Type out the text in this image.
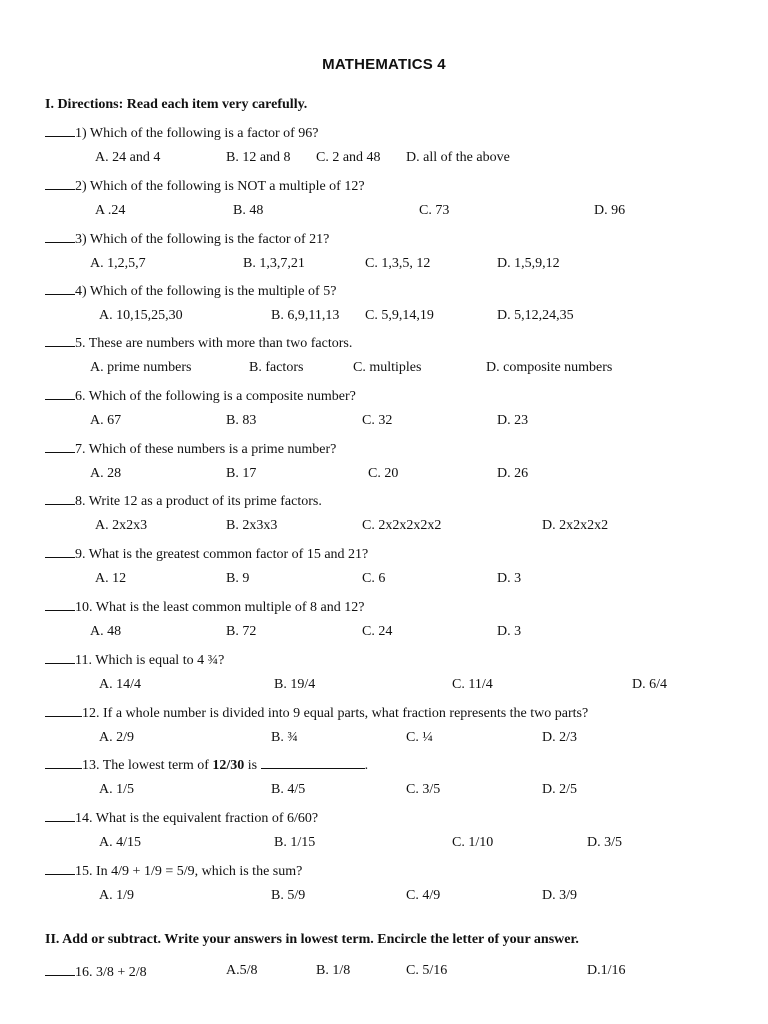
MATHEMATICS 4
I. Directions: Read each item very carefully.
1) Which of the following is a factor of 96?
A. 24 and 4	B. 12 and 8 C. 2 and 48 D. all of the above
2) Which of the following is NOT a multiple of 12?
A .24	B. 48	C. 73	D. 96
3) Which of the following is the factor of 21?
A. 1,2,5,7	B. 1,3,7,21	C. 1,3,5, 12	D. 1,5,9,12
4) Which of the following is the multiple of 5?
A. 10,15,25,30	B. 6,9,11,13 C. 5,9,14,19	D. 5,12,24,35
5. These are numbers with more than two factors.
A. prime numbers	B. factors	C. multiples	D. composite numbers
6. Which of the following is a composite number?
A. 67	B. 83	C. 32	D. 23
7. Which of these numbers is a prime number?
A. 28	B. 17	C. 20	D. 26
8. Write 12 as a product of its prime factors.
A. 2x2x3	B. 2x3x3	C. 2x2x2x2x2	D. 2x2x2x2
9. What is the greatest common factor of 15 and 21?
A. 12	B. 9	C. 6	D. 3
10. What is the least common multiple of 8 and 12?
A. 48	B. 72	C. 24	D. 3
11. Which is equal to 4 ¾?
A. 14/4	B. 19/4	C. 11/4	D. 6/4
12. If a whole number is divided into 9 equal parts, what fraction represents the two parts?
A. 2/9	B. ¾	C. ¼	D. 2/3
13. The lowest term of 12/30 is	.
A. 1/5	B. 4/5	C. 3/5	D. 2/5
14. What is the equivalent fraction of 6/60?
A. 4/15	B. 1/15	C. 1/10	D. 3/5
15. In 4/9 + 1/9 = 5/9, which is the sum?
A. 1/9	B. 5/9	C. 4/9	D. 3/9
16. 3/8 + 2/8	A.5/8	B. 1/8	C. 5/16	D.1/16
II. Add or subtract. Write your answers in lowest term. Encircle the letter of your answer.
